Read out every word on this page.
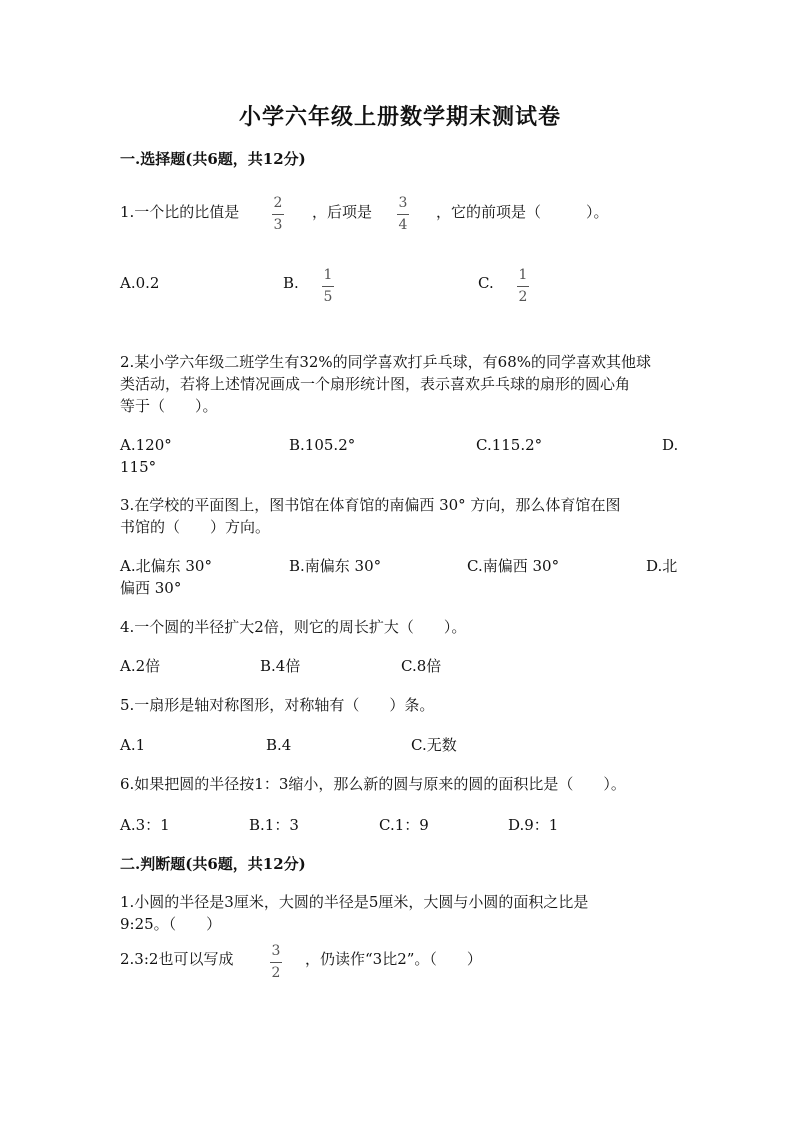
小学六年级上册数学期末测试卷
一.选择题(共6题，共12分)
1.一个比的比值是 2
3
，后项是 3
4
，它的前项是（　　　）。
A.0.2	B. 1
5
C. 1
2
2.某小学六年级二班学生有32%的同学喜欢打乒乓球，有68%的同学喜欢其他球
类活动，若将上述情况画成一个扇形统计图，表示喜欢乒乓球的扇形的圆心角
等于（　　）。
A.120°	B.105.2°	C.115.2°	D.
115°
3.在学校的平面图上，图书馆在体育馆的南偏西 30° 方向，那么体育馆在图
书馆的（　　）方向。
A.北偏东 30°	B.南偏东 30°	C.南偏西 30°	D.北
偏西 30°
4.一个圆的半径扩大2倍，则它的周长扩大（　　）。
A.2倍	B.4倍	C.8倍
5.一扇形是轴对称图形，对称轴有（　　）条。
A.1	B.4	C.无数
6.如果把圆的半径按1：3缩小，那么新的圆与原来的圆的面积比是（　　）。
A.3：1	B.1：3	C.1：9	D.9：1
二.判断题(共6题，共12分)
1.小圆的半径是3厘米，大圆的半径是5厘米，大圆与小圆的面积之比是
9:25。（　　）
2.3:2也可以写成	3
2
，仍读作“3比2”。（　　）
